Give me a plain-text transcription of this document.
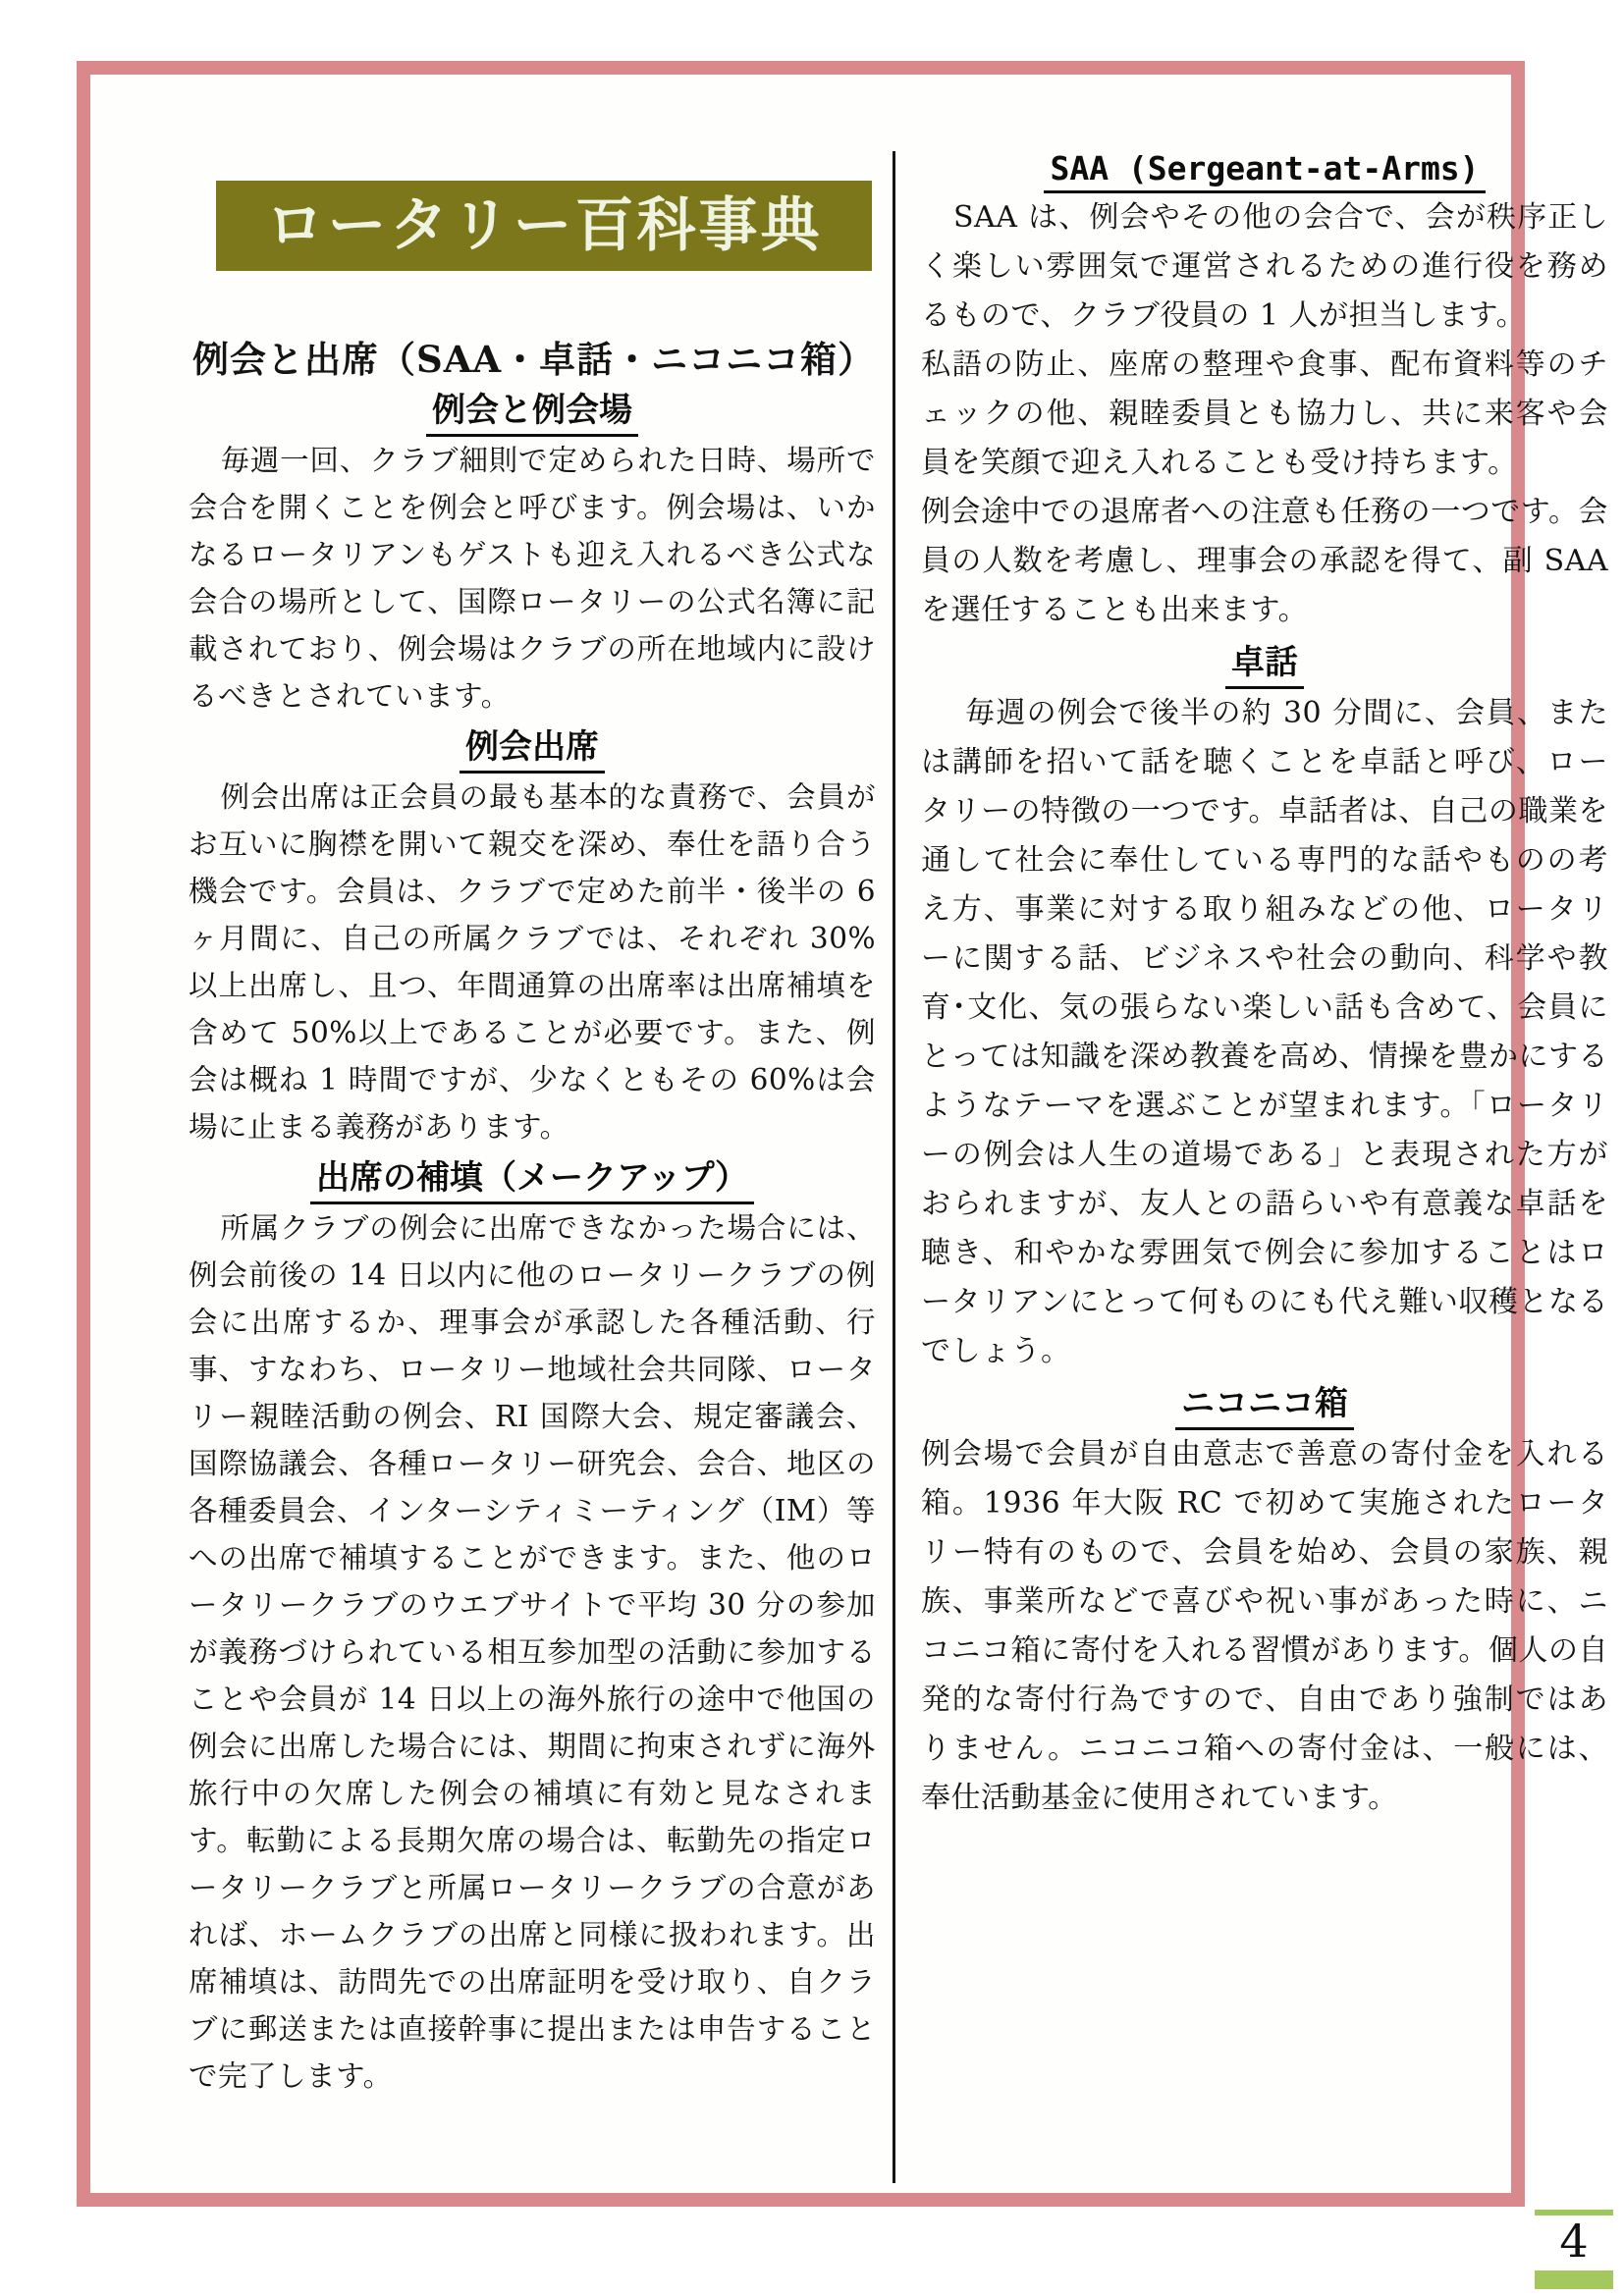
ロータリー百科事典
例会と出席（SAA・卓話・ニコニコ箱）
例会と例会場

毎週一回、クラブ細則で定められた日時、場所で会合を開くことを例会と呼びます。例会場は、いかなるロータリアンもゲストも迎え入れるべき公式な会合の場所として、国際ロータリーの公式名簿に記載されており、例会場はクラブの所在地域内に設けるべきとされています。

例会出席

例会出席は正会員の最も基本的な責務で、会員がお互いに胸襟を開いて親交を深め、奉仕を語り合う機会です。会員は、クラブで定めた前半・後半の 6 ヶ月間に、自己の所属クラブでは、それぞれ 30%以上出席し、且つ、年間通算の出席率は出席補填を含めて 50%以上であることが必要です。また、例会は概ね 1 時間ですが、少なくともその 60%は会場に止まる義務があります。

出席の補填（メークアップ）

所属クラブの例会に出席できなかった場合には、例会前後の 14 日以内に他のロータリークラブの例会に出席するか、理事会が承認した各種活動、行事、すなわち、ロータリー地域社会共同隊、ロータリー親睦活動の例会、RI 国際大会、規定審議会、国際協議会、各種ロータリー研究会、会合、地区の各種委員会、インターシティミーティング（IM）等への出席で補填することができます。また、他のロータリークラブのウエブサイトで平均 30 分の参加が義務づけられている相互参加型の活動に参加することや会員が 14 日以上の海外旅行の途中で他国の例会に出席した場合には、期間に拘束されずに海外旅行中の欠席した例会の補填に有効と見なされます。転勤による長期欠席の場合は、転勤先の指定ロータリークラブと所属ロータリークラブの合意があれば、ホームクラブの出席と同様に扱われます。出席補填は、訪問先での出席証明を受け取り、自クラブに郵送または直接幹事に提出または申告することで完了します。

SAA (Sergeant-at-Arms)

SAA は、例会やその他の会合で、会が秩序正しく楽しい雰囲気で運営されるための進行役を務めるもので、クラブ役員の 1 人が担当します。

私語の防止、座席の整理や食事、配布資料等のチェックの他、親睦委員とも協力し、共に来客や会員を笑顔で迎え入れることも受け持ちます。

例会途中での退席者への注意も任務の一つです。会員の人数を考慮し、理事会の承認を得て、副 SAA を選任することも出来ます。

卓話

毎週の例会で後半の約 30 分間に、会員、または講師を招いて話を聴くことを卓話と呼び、ロータリーの特徴の一つです。卓話者は、自己の職業を通して社会に奉仕している専門的な話やものの考え方、事業に対する取り組みなどの他、ロータリーに関する話、ビジネスや社会の動向、科学や教育･文化、気の張らない楽しい話も含めて、会員にとっては知識を深め教養を高め、情操を豊かにするようなテーマを選ぶことが望まれます。「ロータリーの例会は人生の道場である」と表現された方がおられますが、友人との語らいや有意義な卓話を聴き、和やかな雰囲気で例会に参加することはロータリアンにとって何ものにも代え難い収穫となるでしょう。

ニコニコ箱

例会場で会員が自由意志で善意の寄付金を入れる箱。1936 年大阪 RC で初めて実施されたロータリー特有のもので、会員を始め、会員の家族、親族、事業所などで喜びや祝い事があった時に、ニコニコ箱に寄付を入れる習慣があります。個人の自発的な寄付行為ですので、自由であり強制ではありません。ニコニコ箱への寄付金は、一般には、奉仕活動基金に使用されています。

4
